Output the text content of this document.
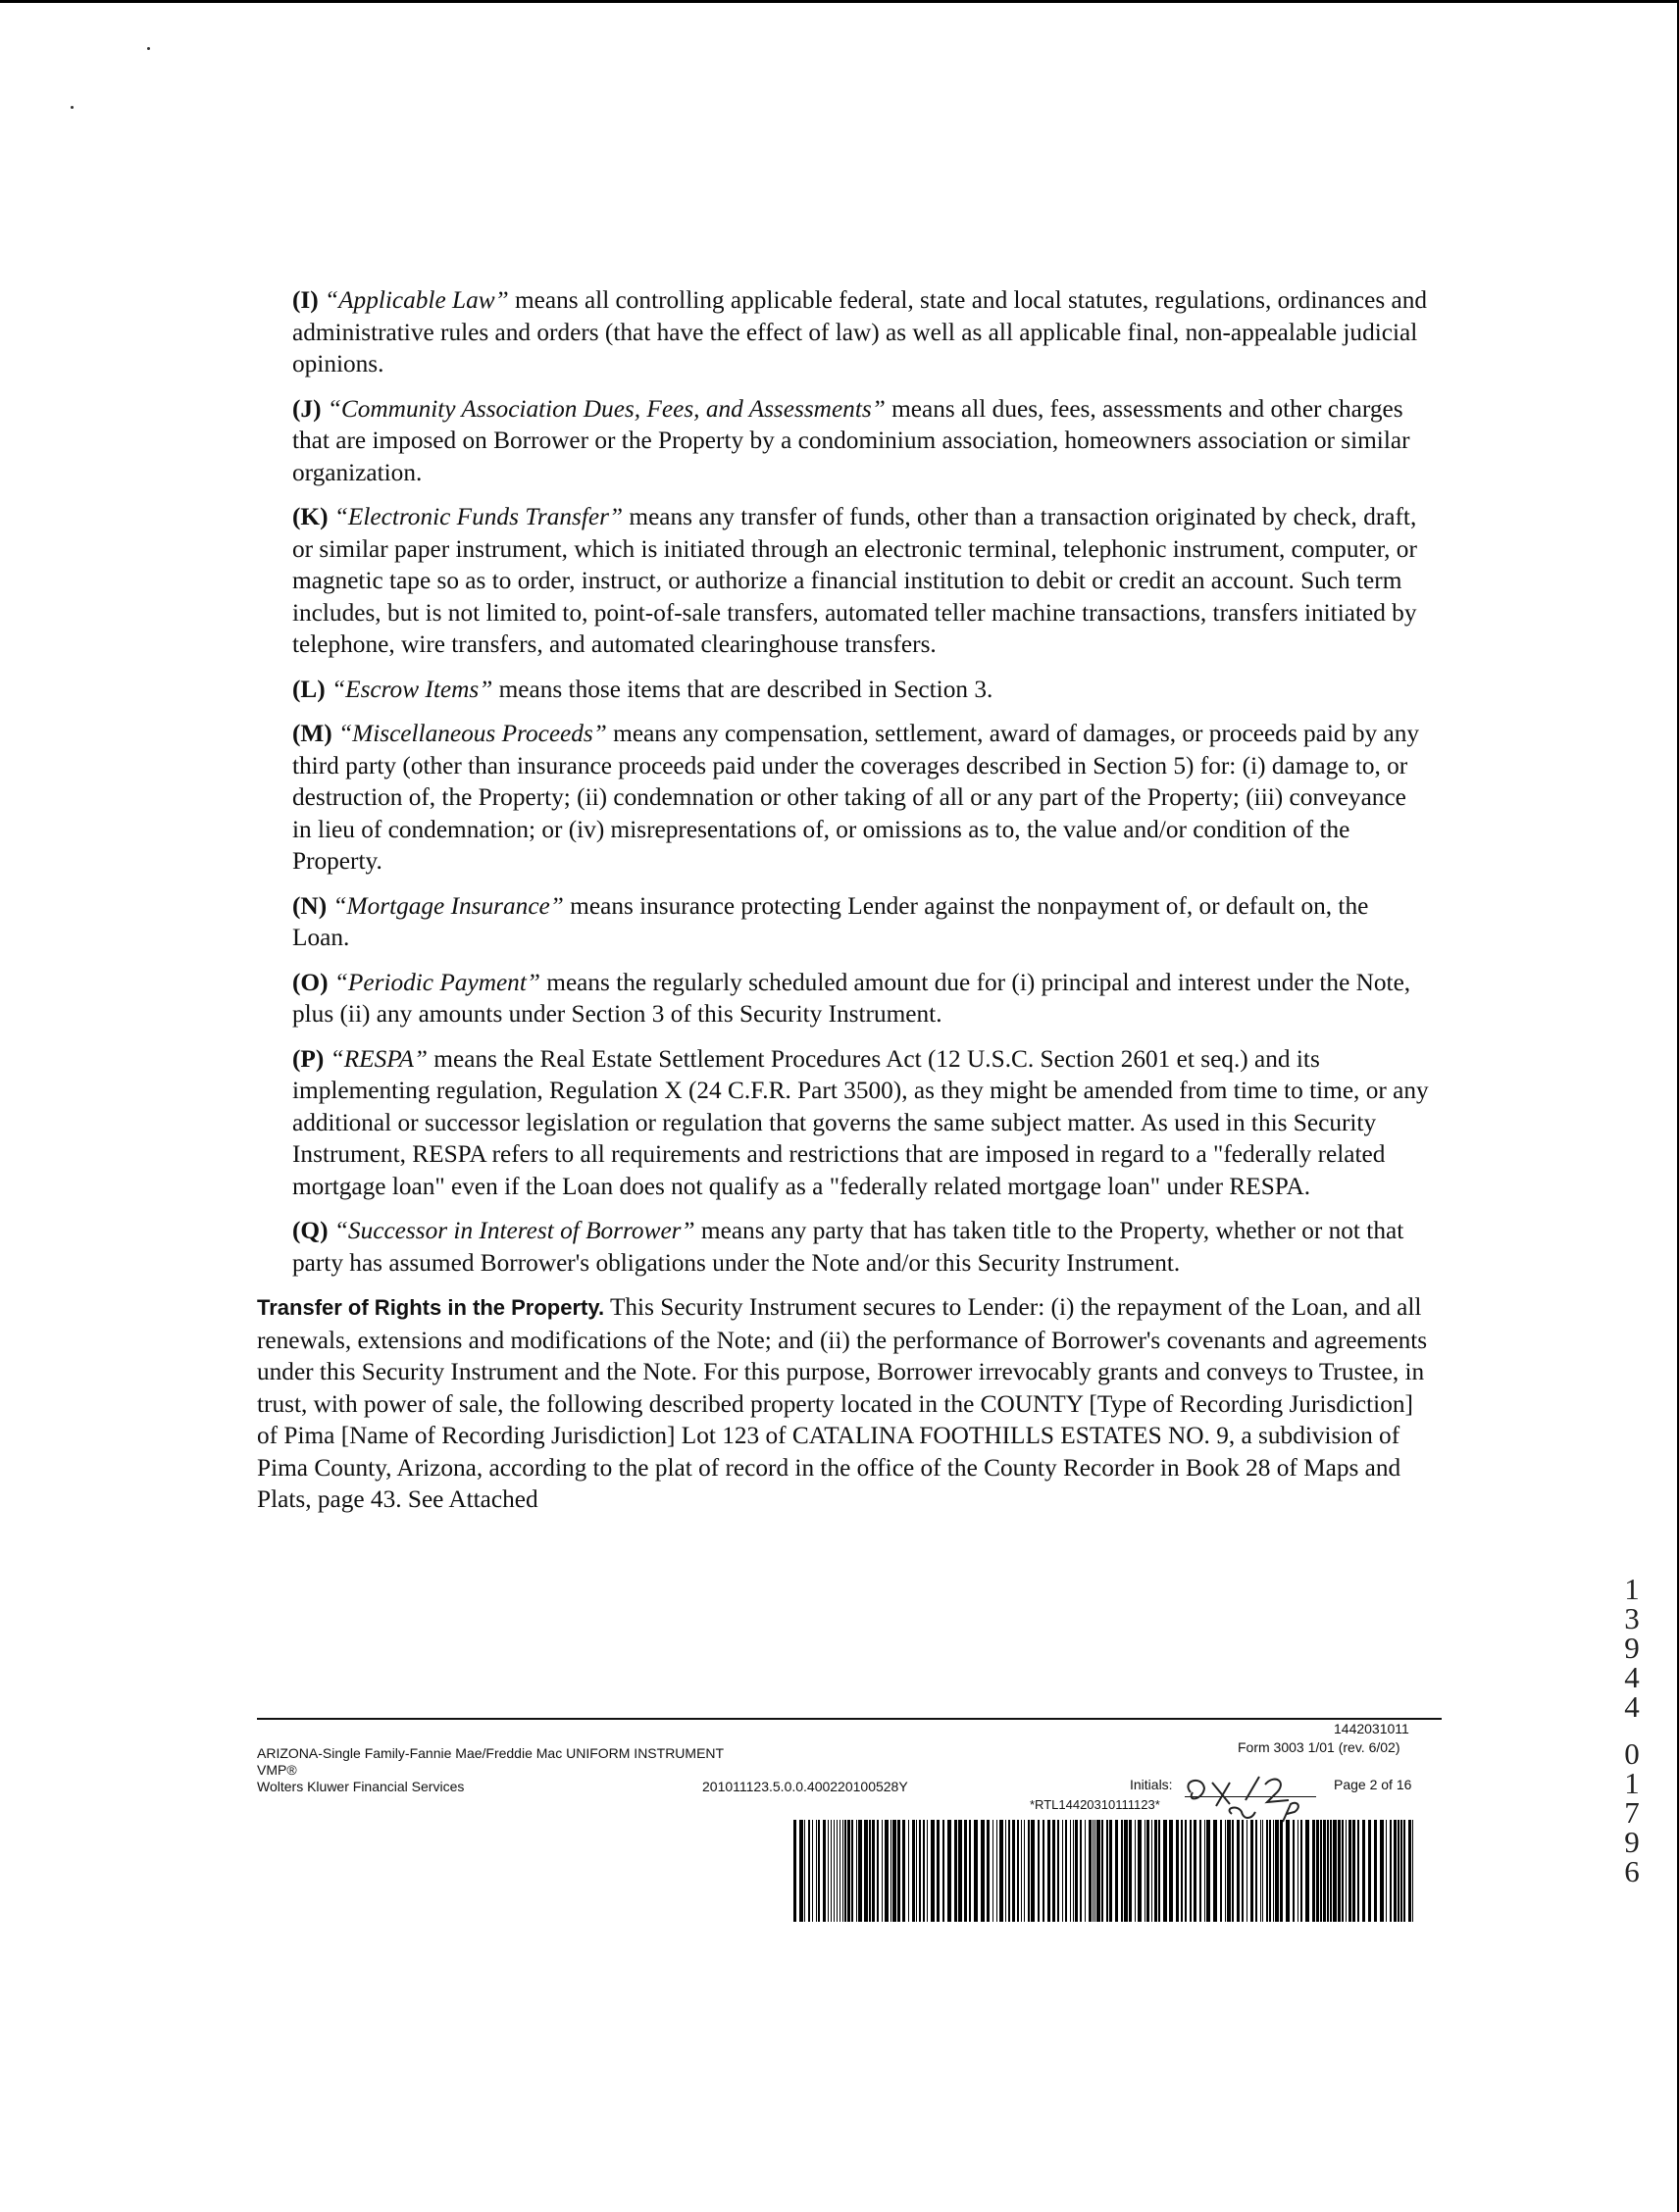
(I) “Applicable Law” means all controlling applicable federal, state and local statutes, regulations, ordinances and administrative rules and orders (that have the effect of law) as well as all applicable final, non-appealable judicial opinions.

(J) “Community Association Dues, Fees, and Assessments” means all dues, fees, assessments and other charges that are imposed on Borrower or the Property by a condominium association, homeowners association or similar organization.

(K) “Electronic Funds Transfer” means any transfer of funds, other than a transaction originated by check, draft, or similar paper instrument, which is initiated through an electronic terminal, telephonic instrument, computer, or magnetic tape so as to order, instruct, or authorize a financial institution to debit or credit an account. Such term includes, but is not limited to, point-of-sale transfers, automated teller machine transactions, transfers initiated by telephone, wire transfers, and automated clearinghouse transfers.

(L) “Escrow Items” means those items that are described in Section 3.

(M) “Miscellaneous Proceeds” means any compensation, settlement, award of damages, or proceeds paid by any third party (other than insurance proceeds paid under the coverages described in Section 5) for: (i) damage to, or destruction of, the Property; (ii) condemnation or other taking of all or any part of the Property; (iii) conveyance in lieu of condemnation; or (iv) misrepresentations of, or omissions as to, the value and/or condition of the Property.

(N) “Mortgage Insurance” means insurance protecting Lender against the nonpayment of, or default on, the Loan.

(O) “Periodic Payment” means the regularly scheduled amount due for (i) principal and interest under the Note, plus (ii) any amounts under Section 3 of this Security Instrument.

(P) “RESPA” means the Real Estate Settlement Procedures Act (12 U.S.C. Section 2601 et seq.) and its implementing regulation, Regulation X (24 C.F.R. Part 3500), as they might be amended from time to time, or any additional or successor legislation or regulation that governs the same subject matter. As used in this Security Instrument, RESPA refers to all requirements and restrictions that are imposed in regard to a "federally related mortgage loan" even if the Loan does not qualify as a "federally related mortgage loan" under RESPA.

(Q) “Successor in Interest of Borrower” means any party that has taken title to the Property, whether or not that party has assumed Borrower's obligations under the Note and/or this Security Instrument.

Transfer of Rights in the Property. This Security Instrument secures to Lender: (i) the repayment of the Loan, and all renewals, extensions and modifications of the Note; and (ii) the performance of Borrower's covenants and agreements under this Security Instrument and the Note. For this purpose, Borrower irrevocably grants and conveys to Trustee, in trust, with power of sale, the following described property located in the COUNTY [Type of Recording Jurisdiction] of Pima [Name of Recording Jurisdiction] Lot 123 of CATALINA FOOTHILLS ESTATES NO. 9, a subdivision of Pima County, Arizona, according to the plat of record in the office of the County Recorder in Book 28 of Maps and Plats, page 43. See Attached

1
3
9
4
4
0
1
7
9
6
ARIZONA-Single Family-Fannie Mae/Freddie Mac UNIFORM INSTRUMENT
VMP®
Wolters Kluwer Financial Services	201011123.5.0.0.400220100528Y
1442031011
Form 3003 1/01 (rev. 6/02)
Initials:	Page 2 of 16
*RTL14420310111123*
